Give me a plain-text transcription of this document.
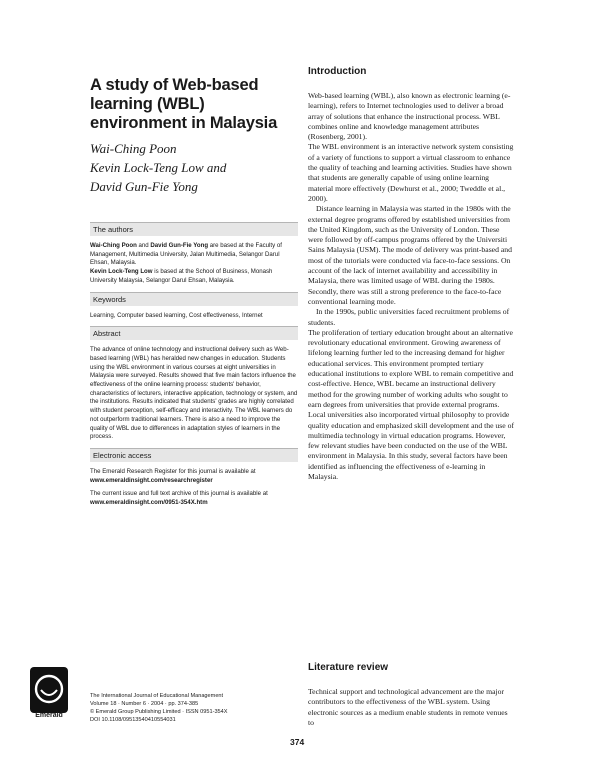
A study of Web-based
learning (WBL)
environment in Malaysia

Wai-Ching Poon

Kevin Lock-Teng Low and

David Gun-Fie Yong

The authors

Wai-Ching Poon and David Gun-Fie Yong are based at the Faculty of Management, Multimedia University, Jalan Multimedia, Selangor Darul Ehsan, Malaysia.

Kevin Lock-Teng Low is based at the School of Business, Monash University Malaysia, Selangor Darul Ehsan, Malaysia.

Keywords

Learning, Computer based learning, Cost effectiveness, Internet

Abstract

The advance of online technology and instructional delivery such as Web-based learning (WBL) has heralded new changes in education. Students using the WBL environment in various courses at eight universities in Malaysia were surveyed. Results showed that five main factors influence the effectiveness of the online learning process: students' behavior, characteristics of lecturers, interactive application, technology or system, and the institutions. Results indicated that students' grades are highly correlated with student perception, self-efficacy and interactivity. The WBL learners do not outperform traditional learners. There is also a need to improve the quality of WBL due to differences in adaptation styles of learners in the process.

Electronic access

The Emerald Research Register for this journal is available at

www.emeraldinsight.com/researchregister

The current issue and full text archive of this journal is available at

www.emeraldinsight.com/0951-354X.htm

Emerald

The International Journal of Educational Management

Volume 18 · Number 6 · 2004 · pp. 374-385

© Emerald Group Publishing Limited · ISSN 0951-354X

DOI 10.1108/09513540410554031

Introduction

Web-based learning (WBL), also known as electronic learning (e-learning), refers to Internet technologies used to deliver a broad array of solutions that enhance the instructional process. WBL combines online and knowledge management attributes (Rosenberg, 2001).

The WBL environment is an interactive network system consisting of a variety of functions to support a virtual classroom to enhance the quality of teaching and learning activities. Studies have shown that students are generally capable of using online learning material more effectively (Dewhurst et al., 2000; Tweddle et al., 2000).

Distance learning in Malaysia was started in the 1980s with the external degree programs offered by established universities from the United Kingdom, such as the University of London. These were followed by off-campus programs offered by the Universiti Sains Malaysia (USM). The mode of delivery was print-based and most of the tutorials were conducted via face-to-face sessions. On account of the lack of internet availability and accessibility in Malaysia, there was limited usage of WBL during the 1980s. Secondly, there was still a strong preference to the face-to-face conventional learning mode.

In the 1990s, public universities faced recruitment problems of students.

The proliferation of tertiary education brought about an alternative revolutionary educational environment. Growing awareness of lifelong learning further led to the increasing demand for higher educational services. This environment prompted tertiary educational institutions to explore WBL to remain competitive and cost-effective. Hence, WBL became an instructional delivery method for the growing number of working adults who sought to earn degrees from universities that provide external programs.

Local universities also incorporated virtual philosophy to provide quality education and emphasized skill development and the use of multimedia technology in virtual education programs. However, few relevant studies have been conducted on the use of the WBL environment in Malaysia. In this study, several factors have been identified as influencing the effectiveness of e-learning in Malaysia.

Literature review

Technical support and technological advancement are the major contributors to the effectiveness of the WBL system. Using electronic sources as a medium enable students in remote venues to

374
